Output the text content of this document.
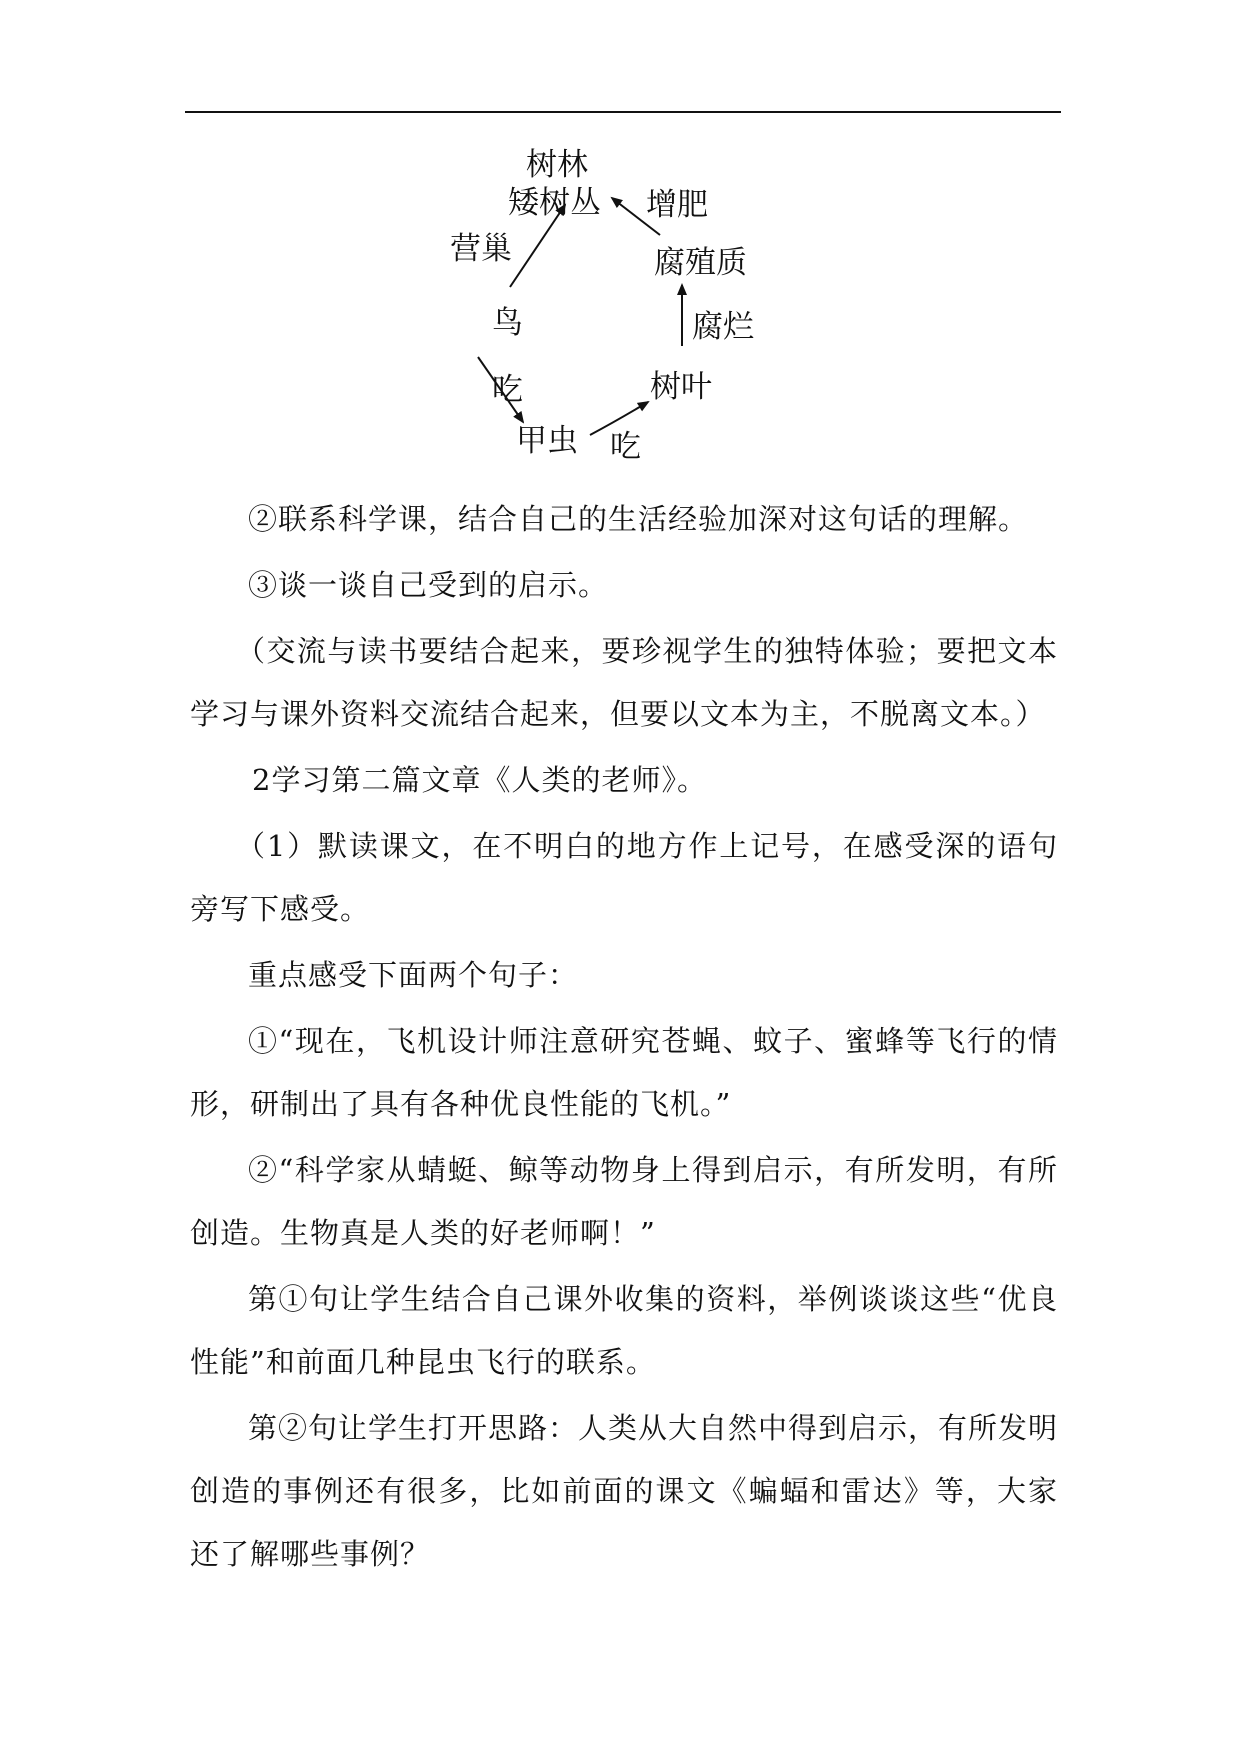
树林
矮树丛
营巢
鸟
吃
甲虫 吃
树叶
腐烂
腐殖质
增肥

②联系科学课，结合自己的生活经验加深对这句话的理解。

③谈一谈自己受到的启示。

（交流与读书要结合起来，要珍视学生的独特体验；要把文本学习与课外资料交流结合起来，但要以文本为主，不脱离文本。）

2学习第二篇文章《人类的老师》。

（1）默读课文，在不明白的地方作上记号，在感受深的语句旁写下感受。

重点感受下面两个句子：

①“现在，飞机设计师注意研究苍蝇、蚊子、蜜蜂等飞行的情形，研制出了具有各种优良性能的飞机。”

②“科学家从蜻蜓、鲸等动物身上得到启示，有所发明，有所创造。生物真是人类的好老师啊！”

第①句让学生结合自己课外收集的资料，举例谈谈这些“优良性能”和前面几种昆虫飞行的联系。

第②句让学生打开思路：人类从大自然中得到启示，有所发明创造的事例还有很多，比如前面的课文《蝙蝠和雷达》等，大家还了解哪些事例？
